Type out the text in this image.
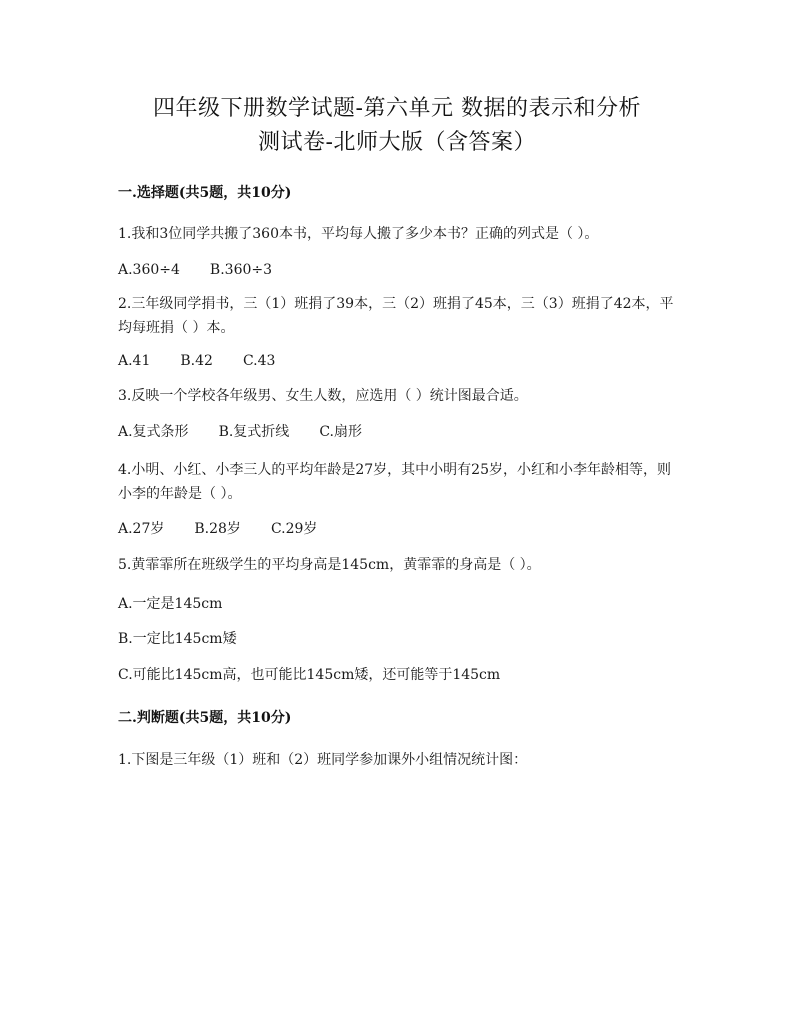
四年级下册数学试题-第六单元 数据的表示和分析
测试卷-北师大版（含答案）
一.选择题(共5题，共10分)
1.我和3位同学共搬了360本书，平均每人搬了多少本书？正确的列式是（ ）。
A.360÷4 B.360÷3
2.三年级同学捐书，三（1）班捐了39本，三（2）班捐了45本，三（3）班捐了42本，平均每班捐（ ）本。
A.41 B.42 C.43
3.反映一个学校各年级男、女生人数，应选用（ ）统计图最合适。
A.复式条形 B.复式折线 C.扇形
4.小明、小红、小李三人的平均年龄是27岁，其中小明有25岁，小红和小李年龄相等，则小李的年龄是（ ）。
A.27岁 B.28岁 C.29岁
5.黄霏霏所在班级学生的平均身高是145cm，黄霏霏的身高是（ ）。
A.一定是145cm
B.一定比145cm矮
C.可能比145cm高，也可能比145cm矮，还可能等于145cm
二.判断题(共5题，共10分)
1.下图是三年级（1）班和（2）班同学参加课外小组情况统计图：
